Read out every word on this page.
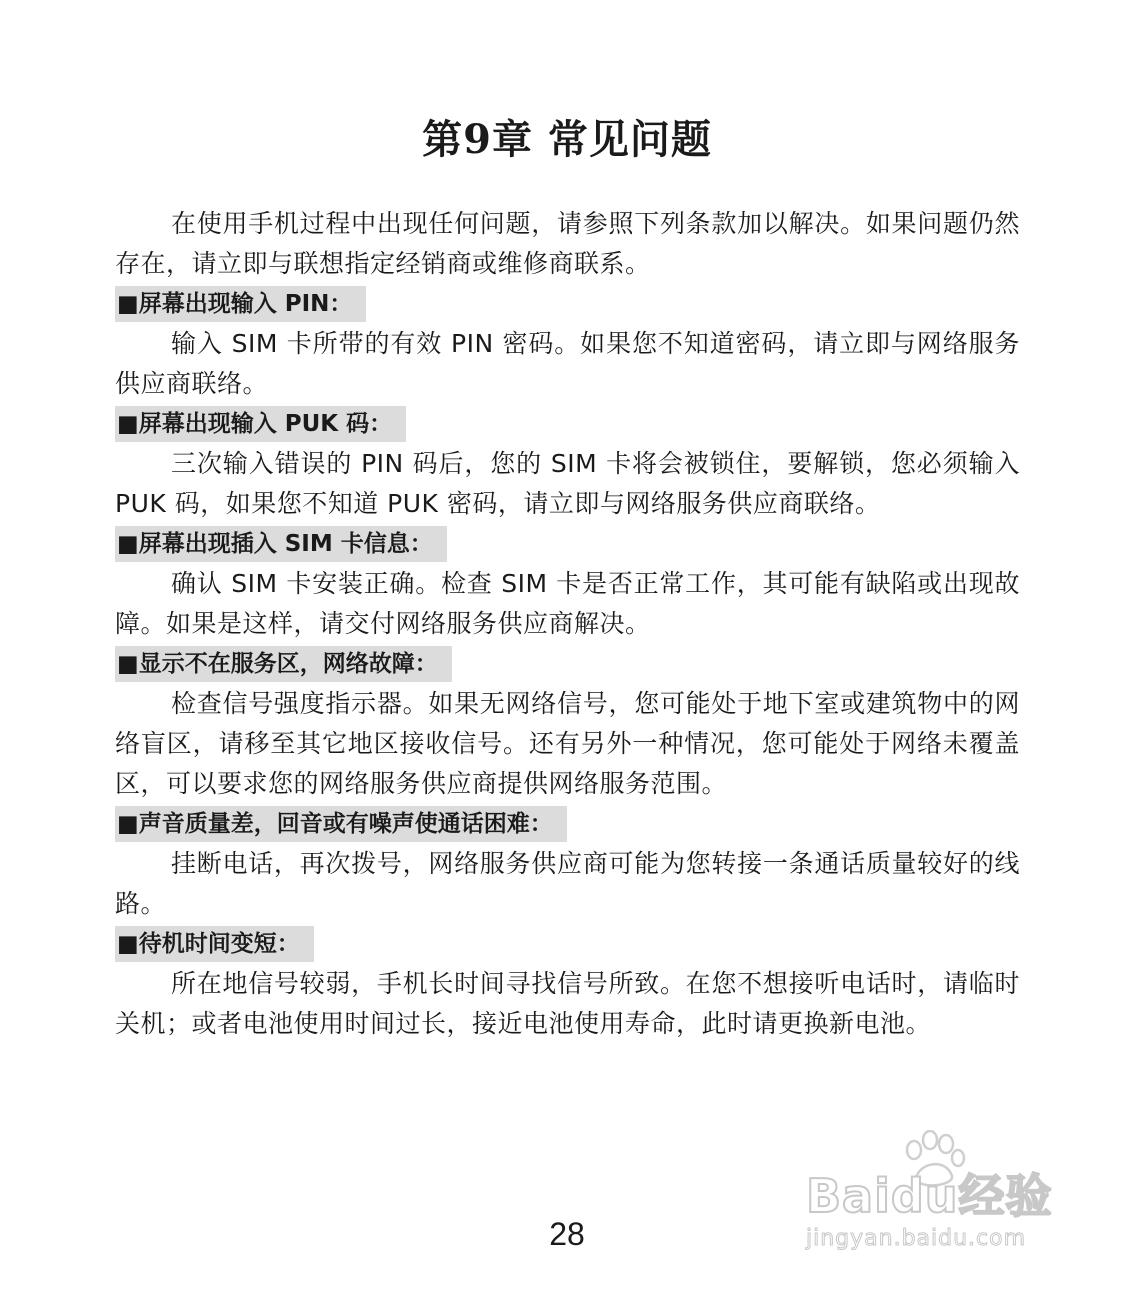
第9章 常见问题

在使用手机过程中出现任何问题，请参照下列条款加以解决。如果问题仍然存在，请立即与联想指定经销商或维修商联系。

■屏幕出现输入 PIN：

输入 SIM 卡所带的有效 PIN 密码。如果您不知道密码，请立即与网络服务供应商联络。

■屏幕出现输入 PUK 码：

三次输入错误的 PIN 码后，您的 SIM 卡将会被锁住，要解锁，您必须输入 PUK 码，如果您不知道 PUK 密码，请立即与网络服务供应商联络。

■屏幕出现插入 SIM 卡信息：

确认 SIM 卡安装正确。检查 SIM 卡是否正常工作，其可能有缺陷或出现故障。如果是这样，请交付网络服务供应商解决。

■显示不在服务区，网络故障：

检查信号强度指示器。如果无网络信号，您可能处于地下室或建筑物中的网络盲区，请移至其它地区接收信号。还有另外一种情况，您可能处于网络未覆盖区，可以要求您的网络服务供应商提供网络服务范围。

■声音质量差，回音或有噪声使通话困难：

挂断电话，再次拨号，网络服务供应商可能为您转接一条通话质量较好的线路。

■待机时间变短：

所在地信号较弱，手机长时间寻找信号所致。在您不想接听电话时，请临时关机；或者电池使用时间过长，接近电池使用寿命，此时请更换新电池。

28
Baidu经验
jingyan.baidu.com
